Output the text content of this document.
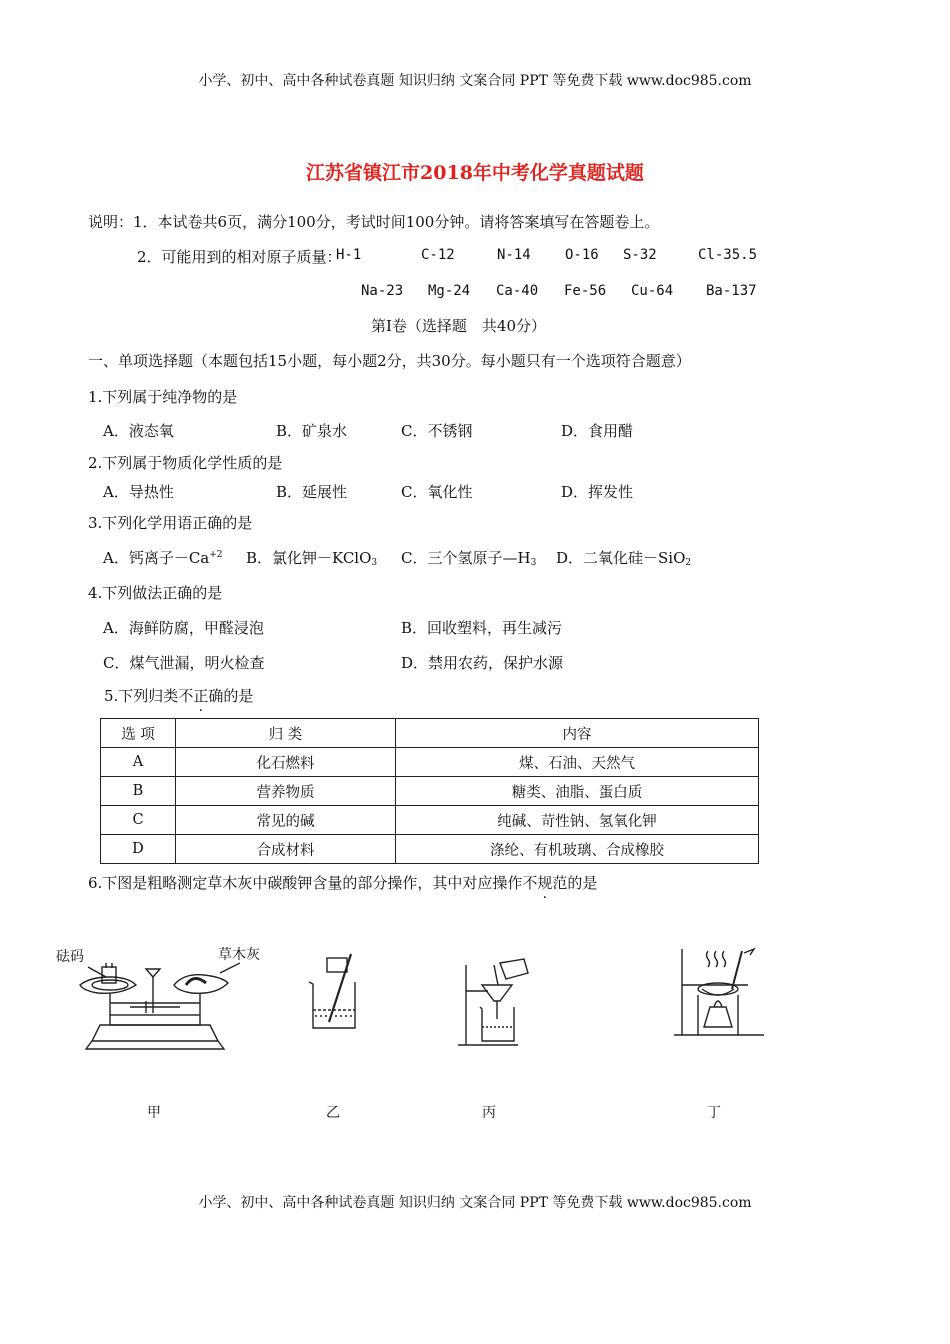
小学、初中、高中各种试卷真题 知识归纳 文案合同 PPT 等免费下载 www.doc985.com
江苏省镇江市2018年中考化学真题试题
说明：1．本试卷共6页，满分100分，考试时间100分钟。请将答案填写在答题卷上。
2．可能用到的相对原子质量：
H-1	C-12	N-14 O-16 S-32	Cl-35.5
Na-23 Mg-24 Ca-40 Fe-56 Cu-64 Ba-137
第Ⅰ卷（选择题　共40分）
一、单项选择题（本题包括15小题，每小题2分，共30分。每小题只有一个选项符合题意）
1.下列属于纯净物的是
A．液态氧	B．矿泉水	C．不锈钢	D．食用醋
2.下列属于物质化学性质的是
A．导热性	B．延展性	C．氧化性	D．挥发性
3.下列化学用语正确的是
A．钙离子$-Ca^{+2}$ B．氯化钾－KClO$_3$ C．三个氢原子$—H_3$ D．二氧化硅－SiO$_2$
4.下列做法正确的是
A．海鲜防腐，甲醛浸泡	B．回收塑料，再生减污
C．煤气泄漏，明火检查	D．禁用农药，保护水源
5.下列归类不正确的是
选 项	归 类	内容
A	化石燃料	煤、石油、天然气
B	营养物质	糖类、油脂、蛋白质
C	常见的碱	纯碱、苛性钠、氢氧化钾
D	合成材料	涤纶、有机玻璃、合成橡胶
6.下图是粗略测定草木灰中碳酸钾含量的部分操作，其中对应操作不规范的是
砝码	草木灰
甲	乙	丙	丁
小学、初中、高中各种试卷真题 知识归纳 文案合同 PPT 等免费下载 www.doc985.com
